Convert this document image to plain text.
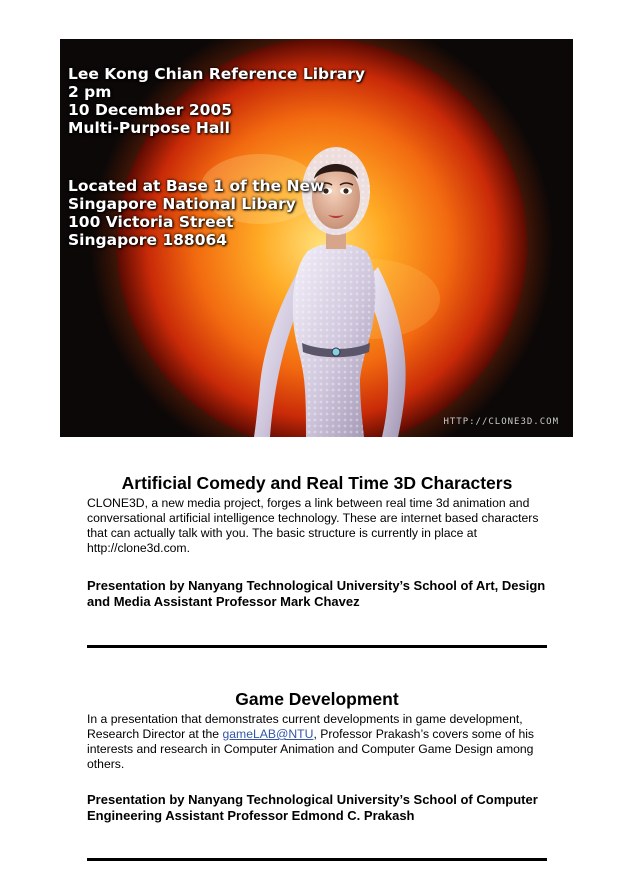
Lee Kong Chian Reference Library
2 pm
10 December 2005
Multi-Purpose Hall
Located at Base 1 of the New
Singapore National Libary
100 Victoria Street
Singapore 188064
HTTP://CLONE3D.COM
Artificial Comedy and Real Time 3D Characters

CLONE3D, a new media project, forges a link between real time 3d animation and conversational artificial intelligence technology. These are internet based characters that can actually talk with you. The basic structure is currently in place at http://clone3d.com.

Presentation by Nanyang Technological University’s School of Art, Design and Media Assistant Professor Mark Chavez

Game Development

In a presentation that demonstrates current developments in game development, Research Director at the gameLAB@NTU, Professor Prakash’s covers some of his interests and research in Computer Animation and Computer Game Design among others.

Presentation by Nanyang Technological University’s School of Computer Engineering Assistant Professor Edmond C. Prakash
